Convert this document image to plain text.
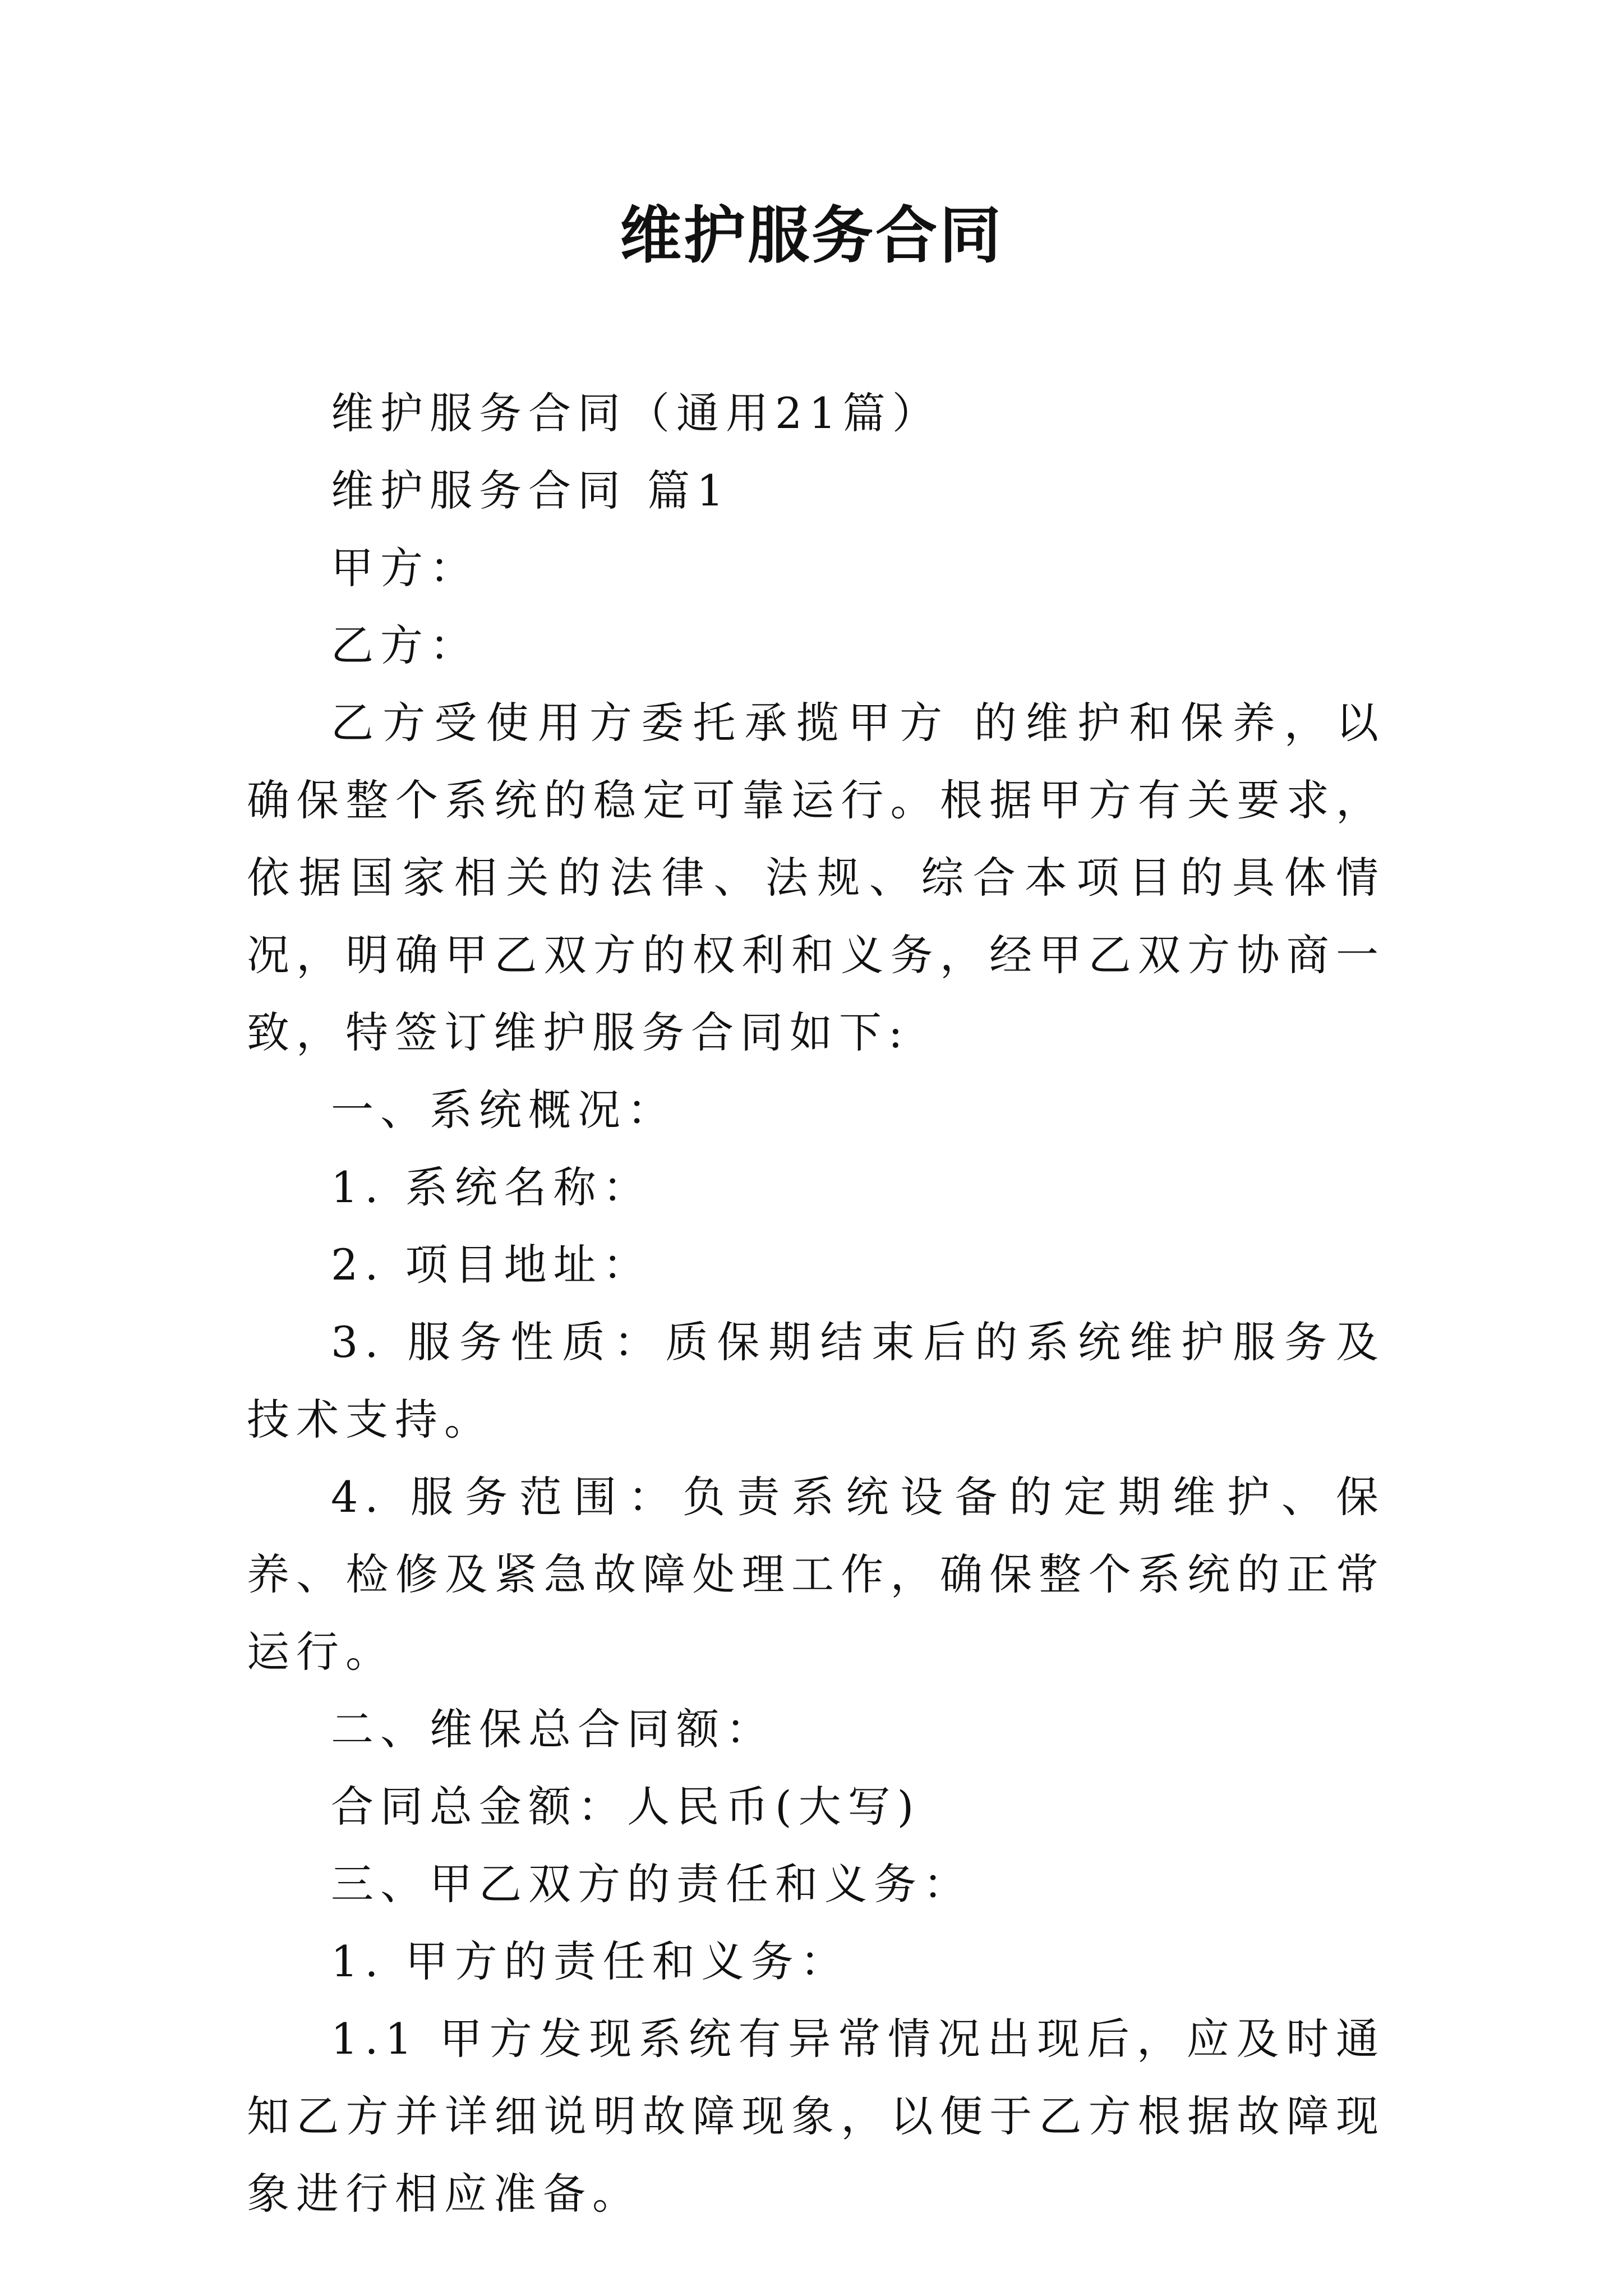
维护服务合同

维护服务合同（通用21篇）

维护服务合同 篇1

甲方：

乙方：

乙方受使用方委托承揽甲方 的维护和保养，以确保整个系统的稳定可靠运行。根据甲方有关要求，依据国家相关的法律、法规、综合本项目的具体情况，明确甲乙双方的权利和义务，经甲乙双方协商一致，特签订维护服务合同如下:

一、系统概况：

1. 系统名称：

2. 项目地址：

3. 服务性质：质保期结束后的系统维护服务及技术支持。

4. 服务范围：负责系统设备的定期维护、保养、检修及紧急故障处理工作，确保整个系统的正常运行。

二、维保总合同额：

合同总金额：人民币(大写)

三、甲乙双方的责任和义务：

1. 甲方的责任和义务：

1.1 甲方发现系统有异常情况出现后，应及时通知乙方并详细说明故障现象，以便于乙方根据故障现象进行相应准备。
